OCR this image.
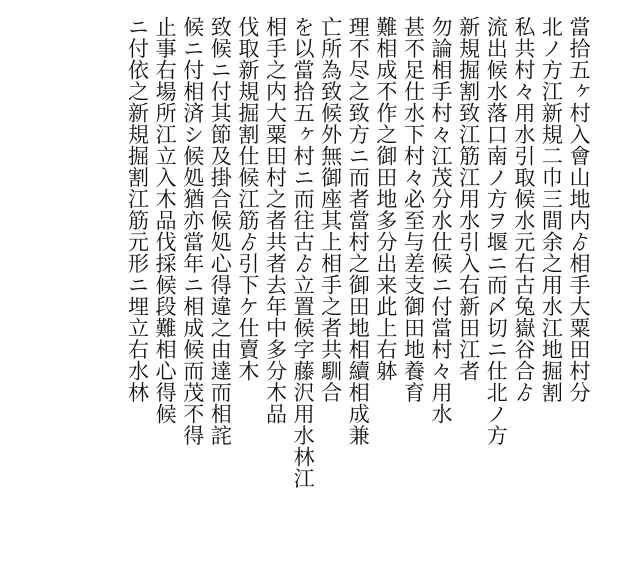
當拾五ヶ村入會山地内ゟ相手大粟田村分
北ノ方江新規二巾三間余之用水江地掘割
私共村々用水引取候水元右古兔嶽谷合ゟ
流出候水落口南ノ方ヲ堰ニ而〆切ニ仕北ノ方
新規掘割致江筋江用水引入右新田江者
勿論相手村々江茂分水仕候ニ付當村々用水
甚不足仕水下村々必至与差支御田地養育
難相成不作之御田地多分出来此上右躰
理不尽之致方ニ而者當村之御田地相續相成兼
亡所為致候外無御座其上相手之者共馴合
を以當拾五ヶ村ニ而往古ゟ立置候字藤沢用水林江
相手之内大粟田村之者共者去年中多分木品
伐取新規掘割仕候江筋ゟ引下ケ仕賣木
致候ニ付其節及掛合候処心得違之由達而相詫
候ニ付相済シ候処猶亦當年ニ相成候而茂不得
止事右場所江立入木品伐採候段難相心得候
ニ付依之新規掘割江筋元形ニ埋立右水林
